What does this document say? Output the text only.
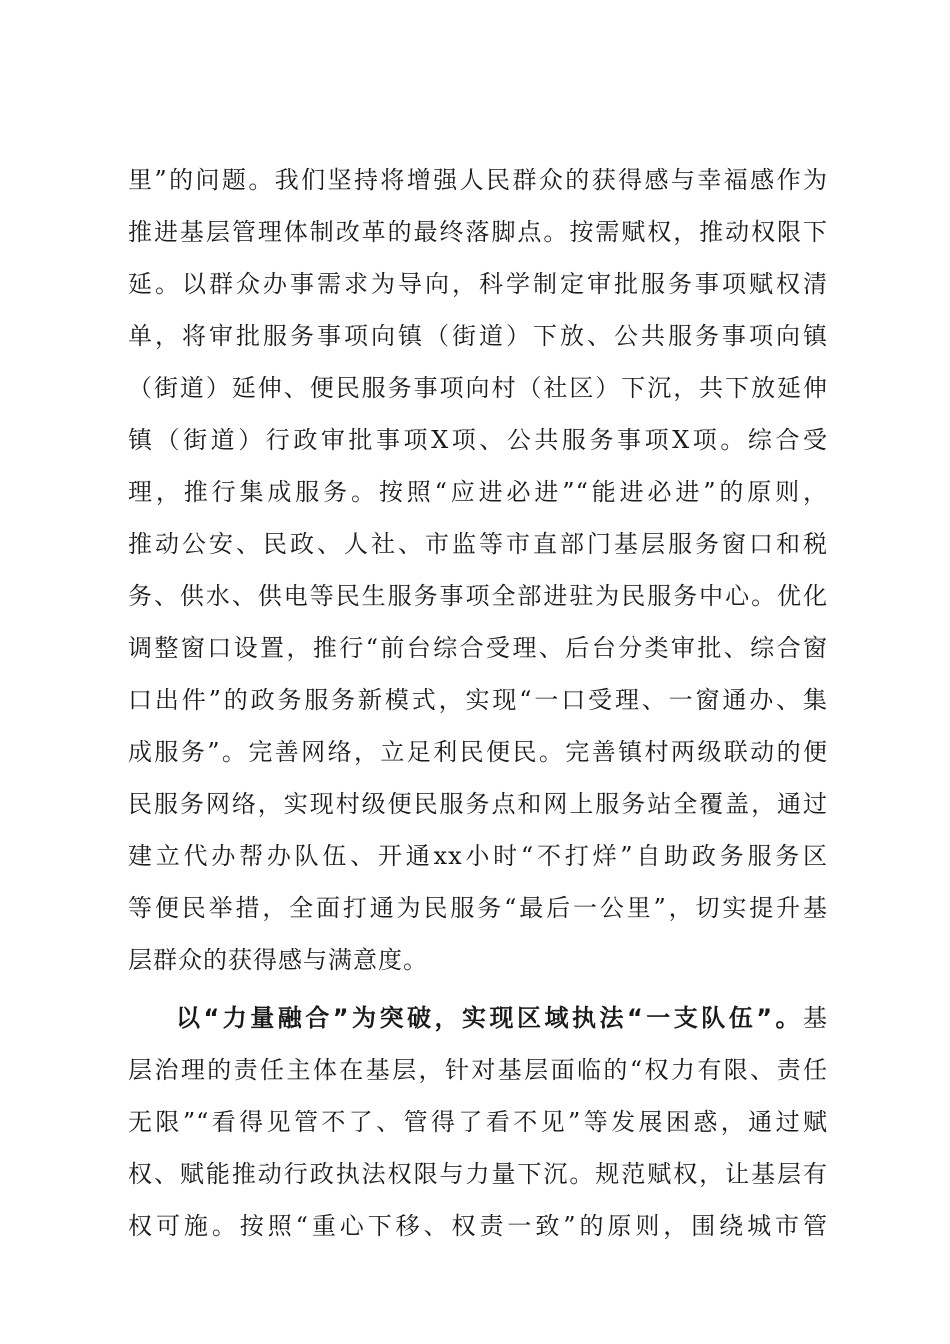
里”的问题。我们坚持将增强人民群众的获得感与幸福感作为
推进基层管理体制改革的最终落脚点。按需赋权，推动权限下
延。以群众办事需求为导向，科学制定审批服务事项赋权清
单，将审批服务事项向镇（街道）下放、公共服务事项向镇
（街道）延伸、便民服务事项向村（社区）下沉，共下放延伸
镇（街道）行政审批事项X项、公共服务事项X项。综合受
理，推行集成服务。按照“应进必进”“能进必进”的原则，
推动公安、民政、人社、市监等市直部门基层服务窗口和税
务、供水、供电等民生服务事项全部进驻为民服务中心。优化
调整窗口设置，推行“前台综合受理、后台分类审批、综合窗
口出件”的政务服务新模式，实现“一口受理、一窗通办、集
成服务”。完善网络，立足利民便民。完善镇村两级联动的便
民服务网络，实现村级便民服务点和网上服务站全覆盖，通过
建立代办帮办队伍、开通xx小时“不打烊”自助政务服务区
等便民举措，全面打通为民服务“最后一公里”，切实提升基
层群众的获得感与满意度。
以“力量融合”为突破，实现区域执法“一支队伍”。基
层治理的责任主体在基层，针对基层面临的“权力有限、责任
无限”“看得见管不了、管得了看不见”等发展困惑，通过赋
权、赋能推动行政执法权限与力量下沉。规范赋权，让基层有
权可施。按照“重心下移、权责一致”的原则，围绕城市管
